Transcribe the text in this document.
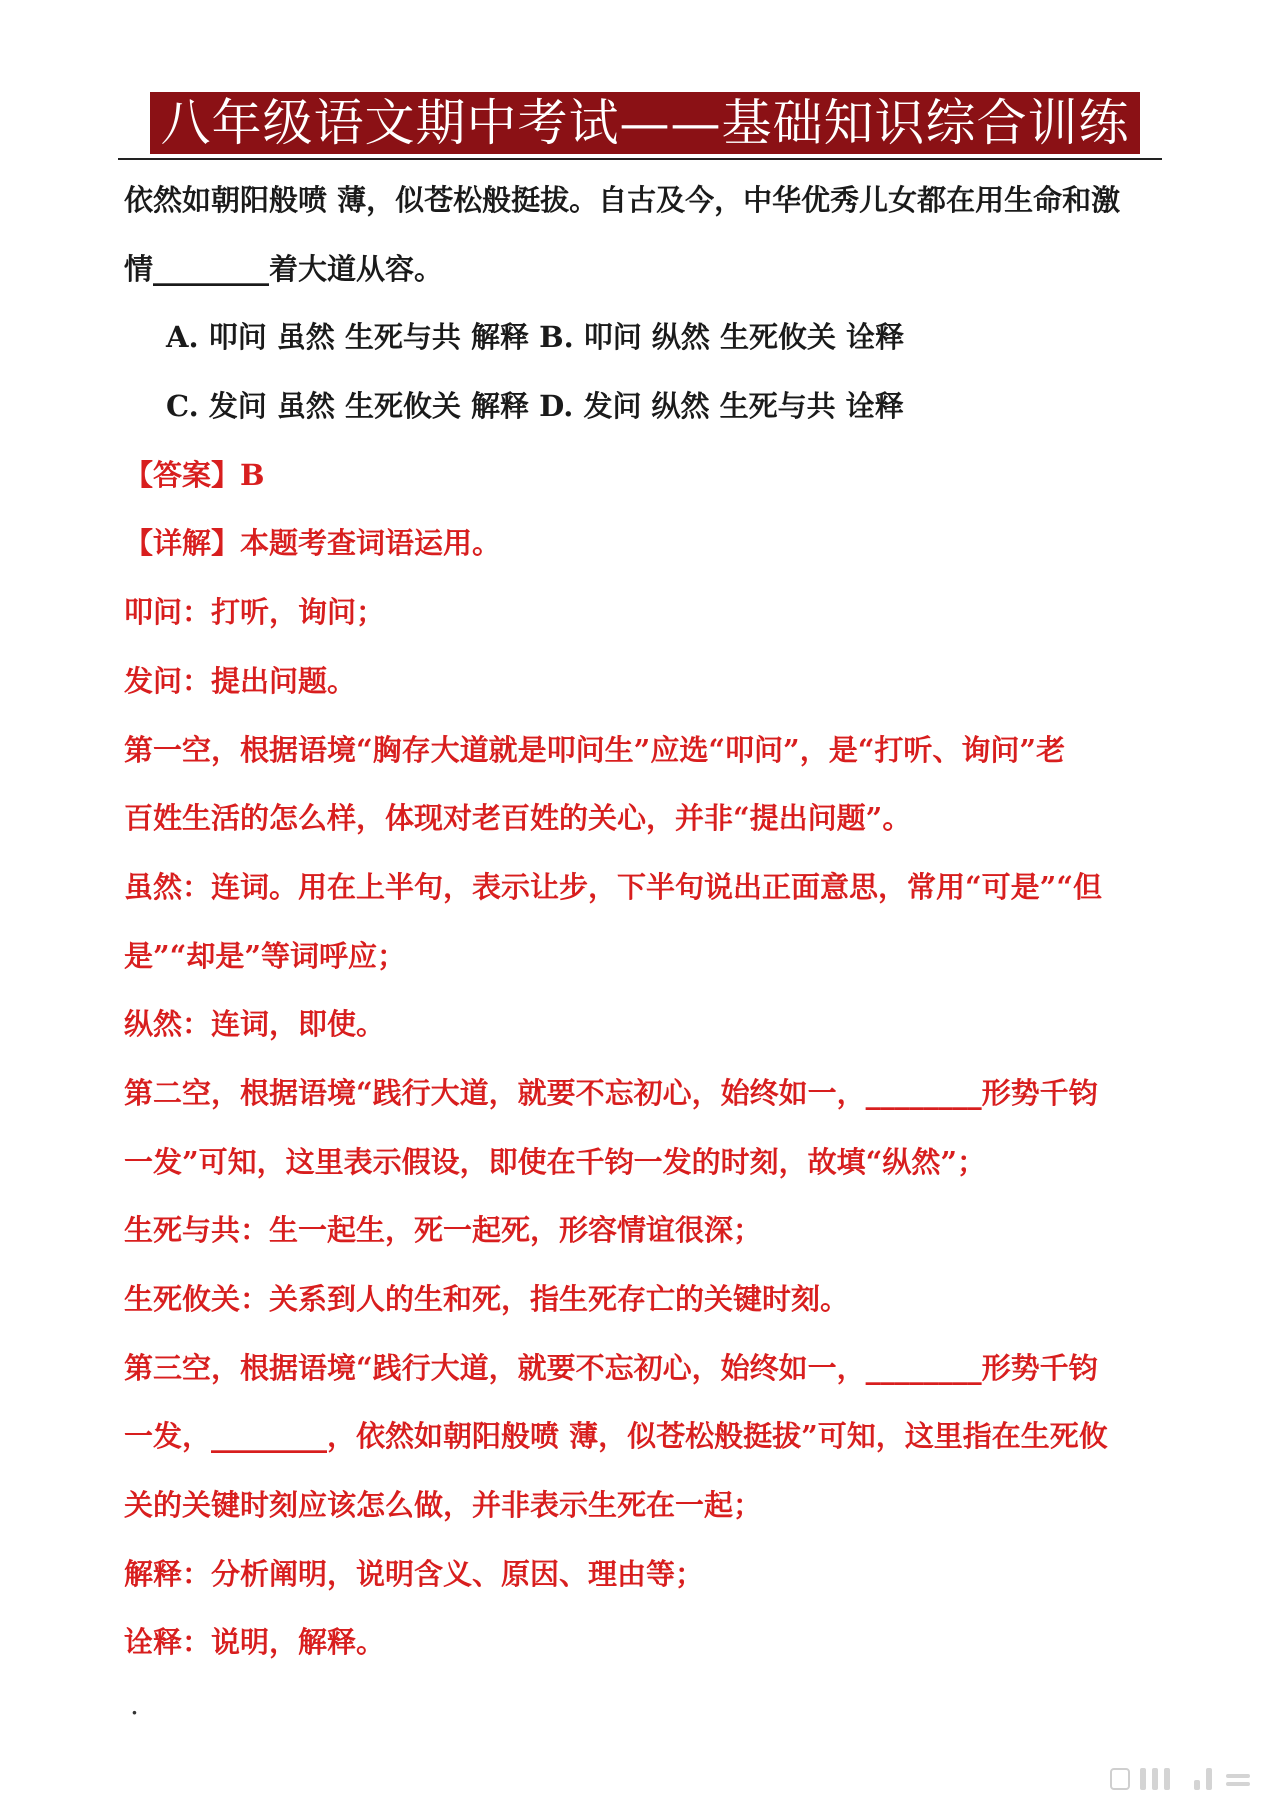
八年级语文期中考试——基础知识综合训练
依然如朝阳般喷 薄，似苍松般挺拔。自古及今，中华优秀儿女都在用生命和激
情________着大道从容。
A. 叩问 虽然 生死与共 解释 B. 叩问 纵然 生死攸关 诠释
C. 发问 虽然 生死攸关 解释 D. 发问 纵然 生死与共 诠释
【答案】B
【详解】本题考查词语运用。
叩问：打听，询问；
发问：提出问题。
第一空，根据语境“胸存大道就是叩问生”应选“叩问”，是“打听、询问”老
百姓生活的怎么样，体现对老百姓的关心，并非“提出问题”。
虽然：连词。用在上半句，表示让步，下半句说出正面意思，常用“可是”“但
是”“却是”等词呼应；
纵然：连词，即使。
第二空，根据语境“践行大道，就要不忘初心，始终如一，________形势千钧
一发”可知，这里表示假设，即使在千钧一发的时刻，故填“纵然”；
生死与共：生一起生，死一起死，形容情谊很深；
生死攸关：关系到人的生和死，指生死存亡的关键时刻。
第三空，根据语境“践行大道，就要不忘初心，始终如一，________形势千钧
一发，________，依然如朝阳般喷 薄，似苍松般挺拔”可知，这里指在生死攸
关的关键时刻应该怎么做，并非表示生死在一起；
解释：分析阐明，说明含义、原因、理由等；
诠释：说明，解释。
.
